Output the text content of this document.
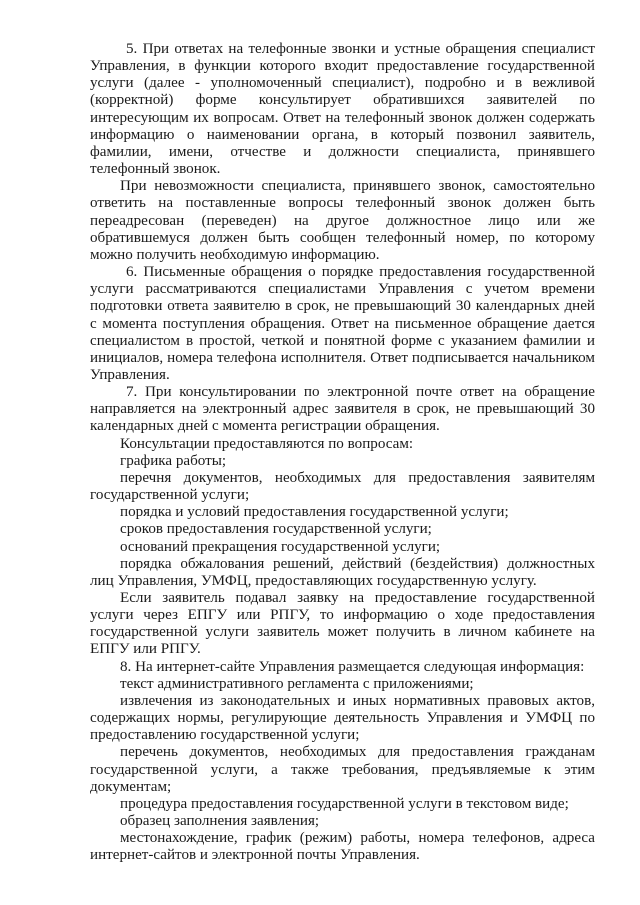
5. При ответах на телефонные звонки и устные обращения специалист Управления, в функции которого входит предоставление государственной услуги (далее - уполномоченный специалист), подробно и в вежливой (корректной) форме консультирует обратившихся заявителей по интересующим их вопросам. Ответ на телефонный звонок должен содержать информацию о наименовании органа, в который позвонил заявитель, фамилии, имени, отчестве и должности специалиста, принявшего телефонный звонок.

При невозможности специалиста, принявшего звонок, самостоятельно ответить на поставленные вопросы телефонный звонок должен быть переадресован (переведен) на другое должностное лицо или же обратившемуся должен быть сообщен телефонный номер, по которому можно получить необходимую информацию.

6. Письменные обращения о порядке предоставления государственной услуги рассматриваются специалистами Управления с учетом времени подготовки ответа заявителю в срок, не превышающий 30 календарных дней с момента поступления обращения. Ответ на письменное обращение дается специалистом в простой, четкой и понятной форме с указанием фамилии и инициалов, номера телефона исполнителя. Ответ подписывается начальником Управления.

7. При консультировании по электронной почте ответ на обращение направляется на электронный адрес заявителя в срок, не превышающий 30 календарных дней с момента регистрации обращения.

Консультации предоставляются по вопросам:

графика работы;

перечня документов, необходимых для предоставления заявителям государственной услуги;

порядка и условий предоставления государственной услуги;

сроков предоставления государственной услуги;

оснований прекращения государственной услуги;

порядка обжалования решений, действий (бездействия) должностных лиц Управления, УМФЦ, предоставляющих государственную услугу.

Если заявитель подавал заявку на предоставление государственной услуги через ЕПГУ или РПГУ, то информацию о ходе предоставления государственной услуги заявитель может получить в личном кабинете на ЕПГУ или РПГУ.

8. На интернет-сайте Управления размещается следующая информация:

текст административного регламента с приложениями;

извлечения из законодательных и иных нормативных правовых актов, содержащих нормы, регулирующие деятельность Управления и УМФЦ по предоставлению государственной услуги;

перечень документов, необходимых для предоставления гражданам государственной услуги, а также требования, предъявляемые к этим документам;

процедура предоставления государственной услуги в текстовом виде;

образец заполнения заявления;

местонахождение, график (режим) работы, номера телефонов, адреса интернет-сайтов и электронной почты Управления.
